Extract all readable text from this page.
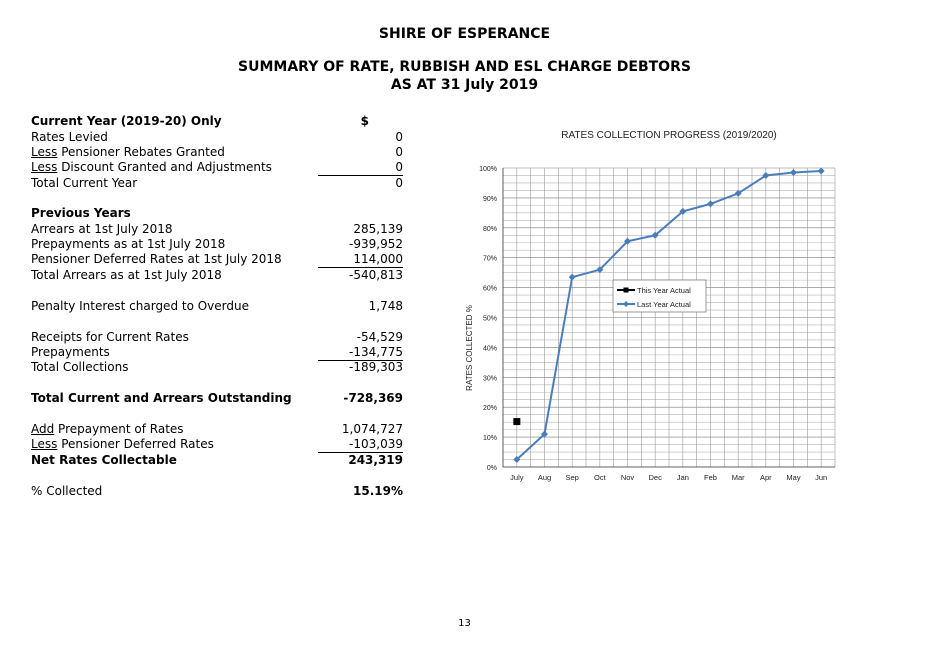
SHIRE OF ESPERANCE
SUMMARY OF RATE, RUBBISH AND ESL CHARGE DEBTORS
AS AT 31 July 2019
Current Year (2019-20) Only	$
Rates Levied	0
Less Pensioner Rebates Granted	0
Less Discount Granted and Adjustments	0
Total Current Year	0
Previous Years
Arrears at 1st July 2018	285,139
Prepayments as at 1st July 2018	-939,952
Pensioner Deferred Rates at 1st July 2018	114,000
Total Arrears as at 1st July 2018	-540,813
Penalty Interest charged to Overdue	1,748
Receipts for Current Rates	-54,529
Prepayments	-134,775
Total Collections	-189,303
Total Current and Arrears Outstanding	-728,369
Add Prepayment of Rates	1,074,727
Less Pensioner Deferred Rates	-103,039
Net Rates Collectable	243,319
% Collected	15.19%
RATES COLLECTION PROGRESS (2019/2020)
0%
10%
20%
30%
40%
50%
60%
70%
80%
90%
100%
July Aug Sep Oct Nov Dec Jan Feb Mar Apr May Jun
RATES COLLECTED %
This Year Actual
Last Year Actual
13
